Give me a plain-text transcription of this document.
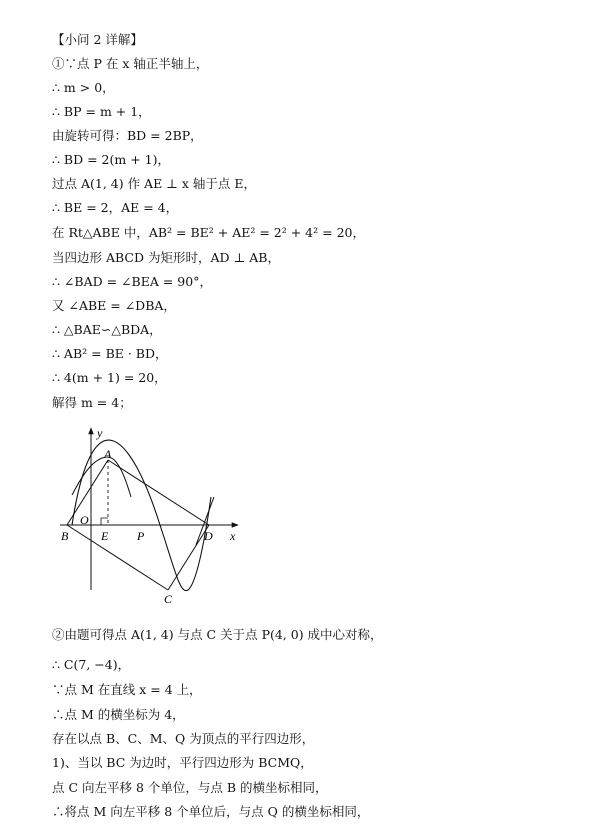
【小问 2 详解】
①∵点 P 在 x 轴正半轴上，
∴ m > 0，
∴ BP = m + 1，
由旋转可得：BD = 2BP，
∴ BD = 2(m + 1)，
过点 A(1, 4) 作 AE ⊥ x 轴于点 E，
∴ BE = 2，AE = 4，
在 Rt△ABE 中，AB² = BE² + AE² = 2² + 4² = 20，
当四边形 ABCD 为矩形时，AD ⊥ AB，
∴ ∠BAD = ∠BEA = 90°，
又 ∠ABE = ∠DBA，
∴ △BAE∽△BDA，
∴ AB² = BE · BD，
∴ 4(m + 1) = 20，
解得 m = 4；
y
x
A
O
B	E P	D
C
②由题可得点 A(1, 4) 与点 C 关于点 P(4, 0) 成中心对称，
∴ C(7, −4)，
∵点 M 在直线 x = 4 上，
∴点 M 的横坐标为 4，
存在以点 B、C、M、Q 为顶点的平行四边形，
1)、当以 BC 为边时，平行四边形为 BCMQ，
点 C 向左平移 8 个单位，与点 B 的横坐标相同，
∴将点 M 向左平移 8 个单位后，与点 Q 的横坐标相同，
